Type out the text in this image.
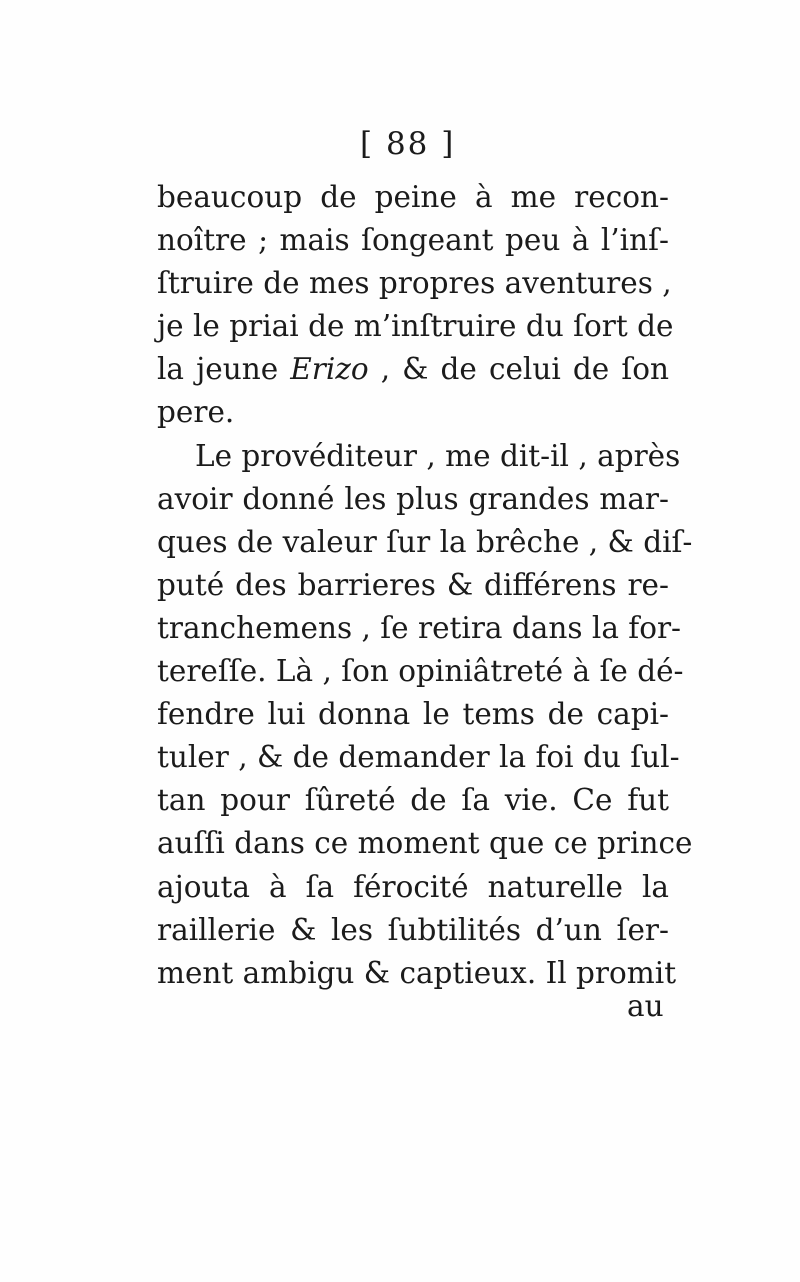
[ 88 ]
beaucoup de peine à me recon-
noître ; mais ſongeant peu à l’inſ-
ſtruire de mes propres aventures ,
je le priai de m’inſtruire du ſort de
la jeune Erizo , & de celui de ſon
pere.
Le provéditeur , me dit-il , après
avoir donné les plus grandes mar-
ques de valeur ſur la brêche , & diſ-
puté des barrieres & différens re-
tranchemens , ſe retira dans la for-
tereſſe. Là , ſon opiniâtreté à ſe dé-
fendre lui donna le tems de capi-
tuler , & de demander la foi du ſul-
tan pour ſûreté de ſa vie. Ce fut
auſſi dans ce moment que ce prince
ajouta à ſa férocité naturelle la
raillerie & les ſubtilités d’un ſer-
ment ambigu & captieux. Il promit
au
